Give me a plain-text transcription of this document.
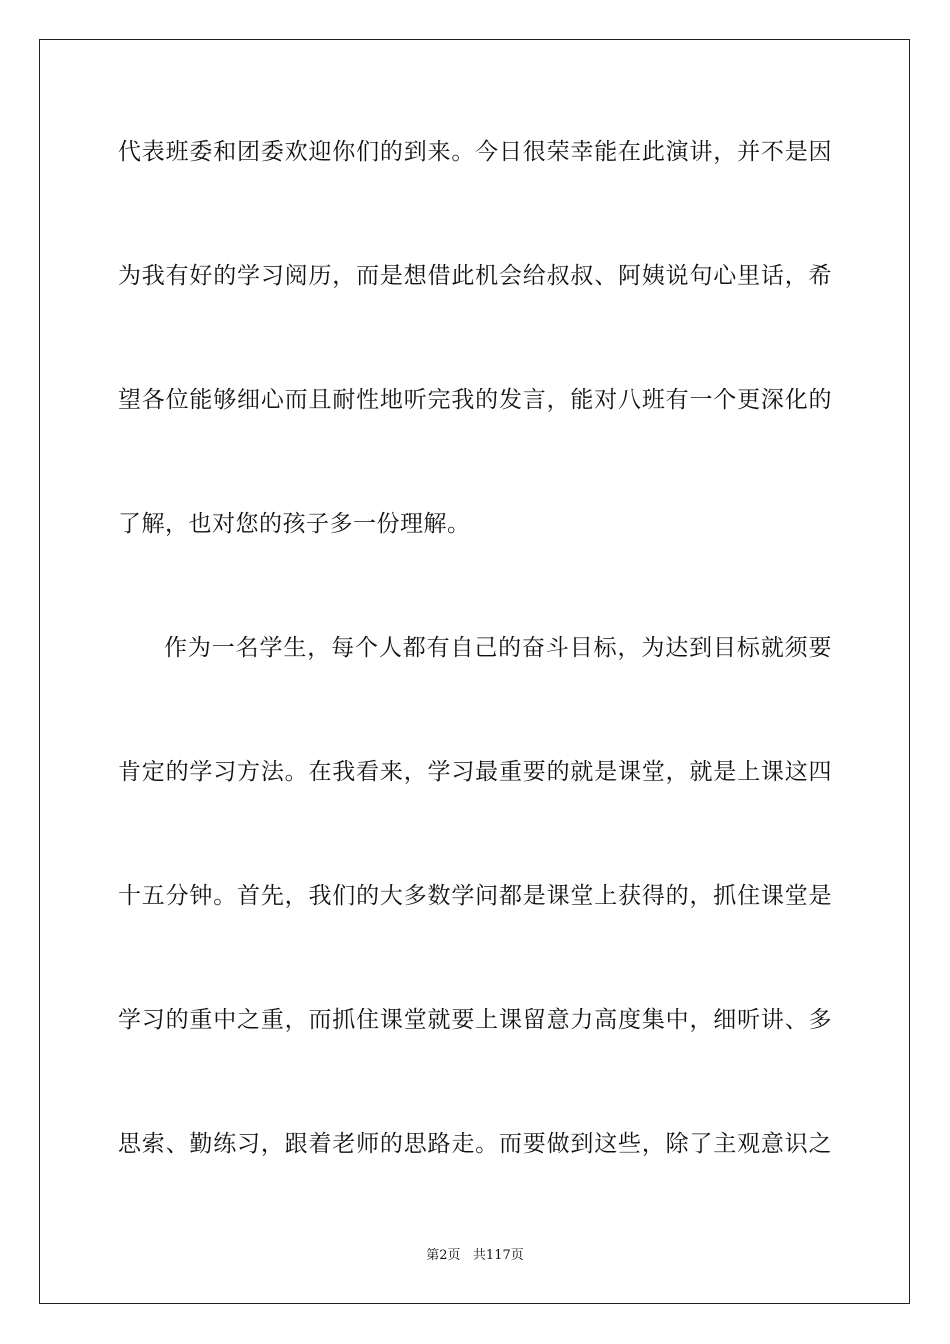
代表班委和团委欢迎你们的到来。今日很荣幸能在此演讲，并不是因
为我有好的学习阅历，而是想借此机会给叔叔、阿姨说句心里话，希
望各位能够细心而且耐性地听完我的发言，能对八班有一个更深化的
了解，也对您的孩子多一份理解。
作为一名学生，每个人都有自己的奋斗目标，为达到目标就须要
肯定的学习方法。在我看来，学习最重要的就是课堂，就是上课这四
十五分钟。首先，我们的大多数学问都是课堂上获得的，抓住课堂是
学习的重中之重，而抓住课堂就要上课留意力高度集中，细听讲、多
思索、勤练习，跟着老师的思路走。而要做到这些，除了主观意识之
第2页 共117页
